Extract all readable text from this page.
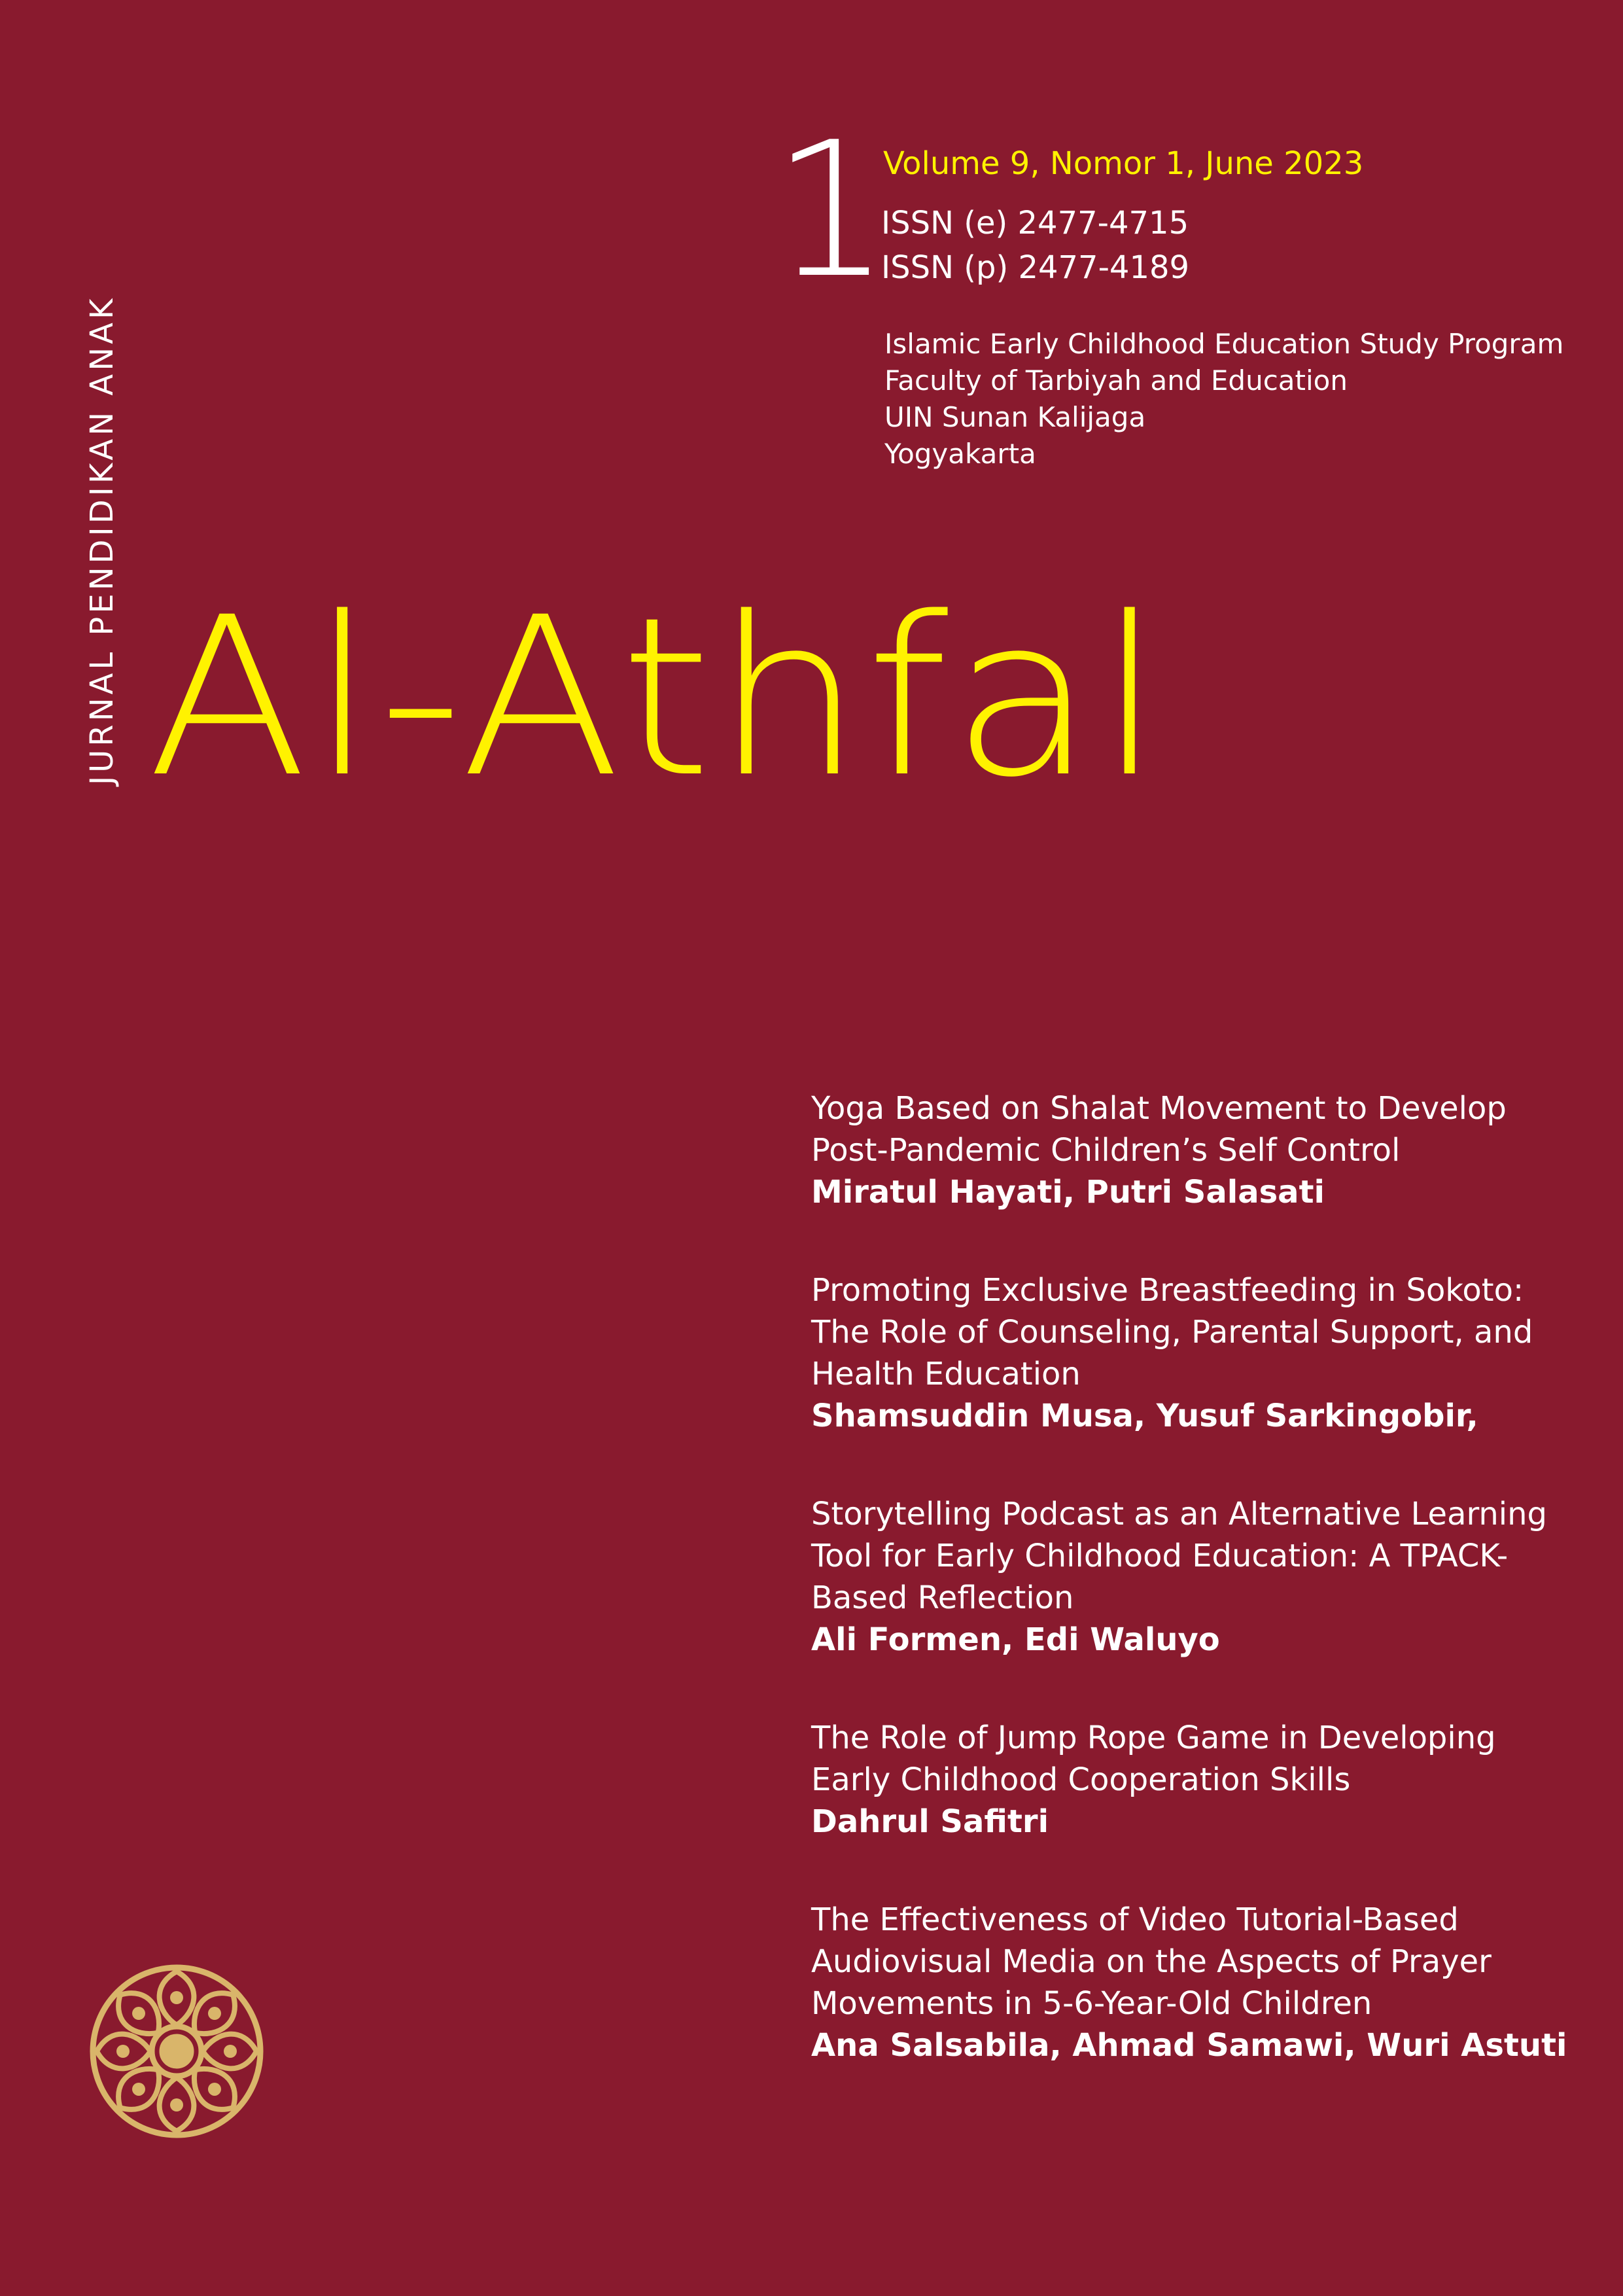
1
Volume 9, Nomor 1, June 2023
ISSN (e) 2477-4715
ISSN (p) 2477-4189
Islamic Early Childhood Education Study Program
Faculty of Tarbiyah and Education
UIN Sunan Kalijaga
Yogyakarta
JURNAL PENDIDIKAN ANAK Al-Athfal
Yoga Based on Shalat Movement to Develop
Post-Pandemic Children’s Self Control
Miratul Hayati, Putri Salasati
Promoting Exclusive Breastfeeding in Sokoto:
The Role of Counseling, Parental Support, and
Health Education
Shamsuddin Musa, Yusuf Sarkingobir,
Storytelling Podcast as an Alternative Learning
Tool for Early Childhood Education: A TPACK-
Based Reflection
Ali Formen, Edi Waluyo
The Role of Jump Rope Game in Developing
Early Childhood Cooperation Skills
Dahrul Safitri
The Effectiveness of Video Tutorial-Based
Audiovisual Media on the Aspects of Prayer
Movements in 5-6-Year-Old Children
Ana Salsabila, Ahmad Samawi, Wuri Astuti
